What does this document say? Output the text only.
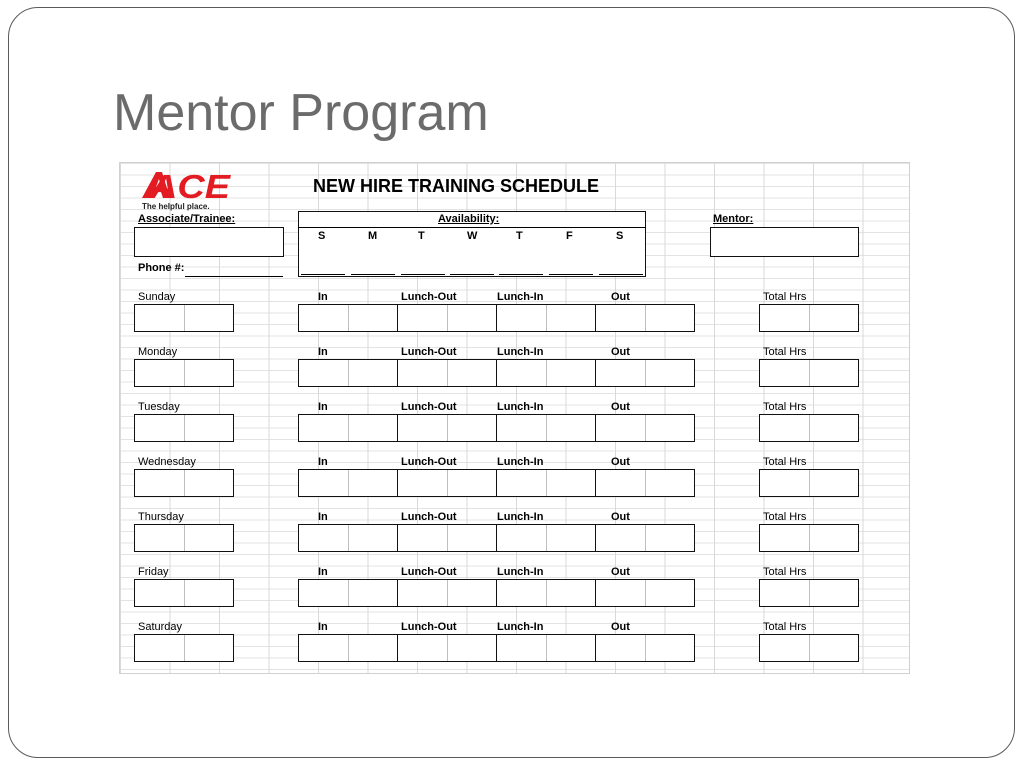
Mentor Program
ACE
The helpful place.
NEW HIRE TRAINING SCHEDULE
Associate/Trainee:
Phone #:
Availability:
S	M	T	W	T	F	S
Mentor:
Sunday	In	Lunch-Out	Lunch-In	Out	Total Hrs
Monday	In	Lunch-Out	Lunch-In	Out	Total Hrs
Tuesday	In	Lunch-Out	Lunch-In	Out	Total Hrs
Wednesday	In	Lunch-Out	Lunch-In	Out	Total Hrs
Thursday	In	Lunch-Out	Lunch-In	Out	Total Hrs
Friday	In	Lunch-Out	Lunch-In	Out	Total Hrs
Saturday	In	Lunch-Out	Lunch-In	Out	Total Hrs
